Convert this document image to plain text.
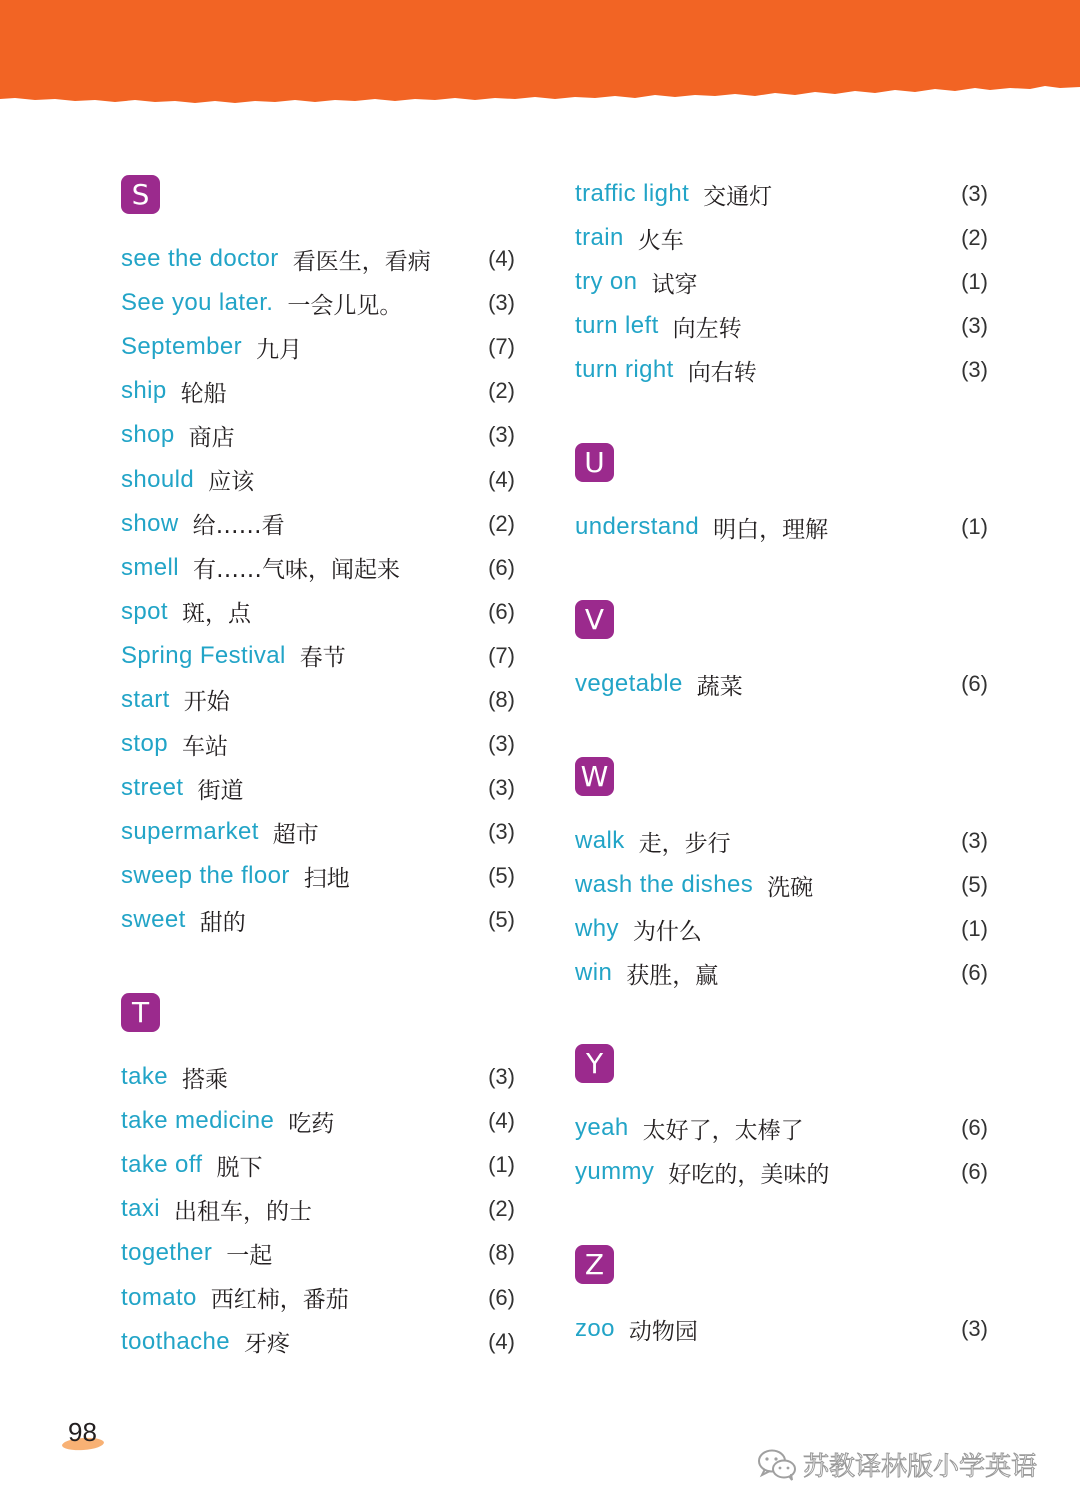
S
see the doctor 看医生，看病	(4)
See you later. 一会儿见。	(3)
September 九月	(7)
ship 轮船	(2)
shop 商店	(3)
should 应该	(4)
show 给……看	(2)
smell 有……气味，闻起来	(6)
spot 斑，点	(6)
Spring Festival 春节	(7)
start 开始	(8)
stop 车站	(3)
street 街道	(3)
supermarket 超市	(3)
sweep the floor 扫地	(5)
sweet 甜的	(5)
T
take 搭乘	(3)
take medicine 吃药	(4)
take off 脱下	(1)
taxi 出租车，的士	(2)
together 一起	(8)
tomato 西红柿，番茄	(6)
toothache 牙疼	(4)
traffic light 交通灯	(3)
train 火车	(2)
try on 试穿	(1)
turn left 向左转	(3)
turn right 向右转	(3)
U
understand 明白，理解	(1)
V
vegetable 蔬菜	(6)
W
walk 走，步行	(3)
wash the dishes 洗碗	(5)
why 为什么	(1)
win 获胜，赢	(6)
Y
yeah 太好了，太棒了	(6)
yummy 好吃的，美味的	(6)
Z
zoo 动物园	(3)
98
苏教译林版小学英语
